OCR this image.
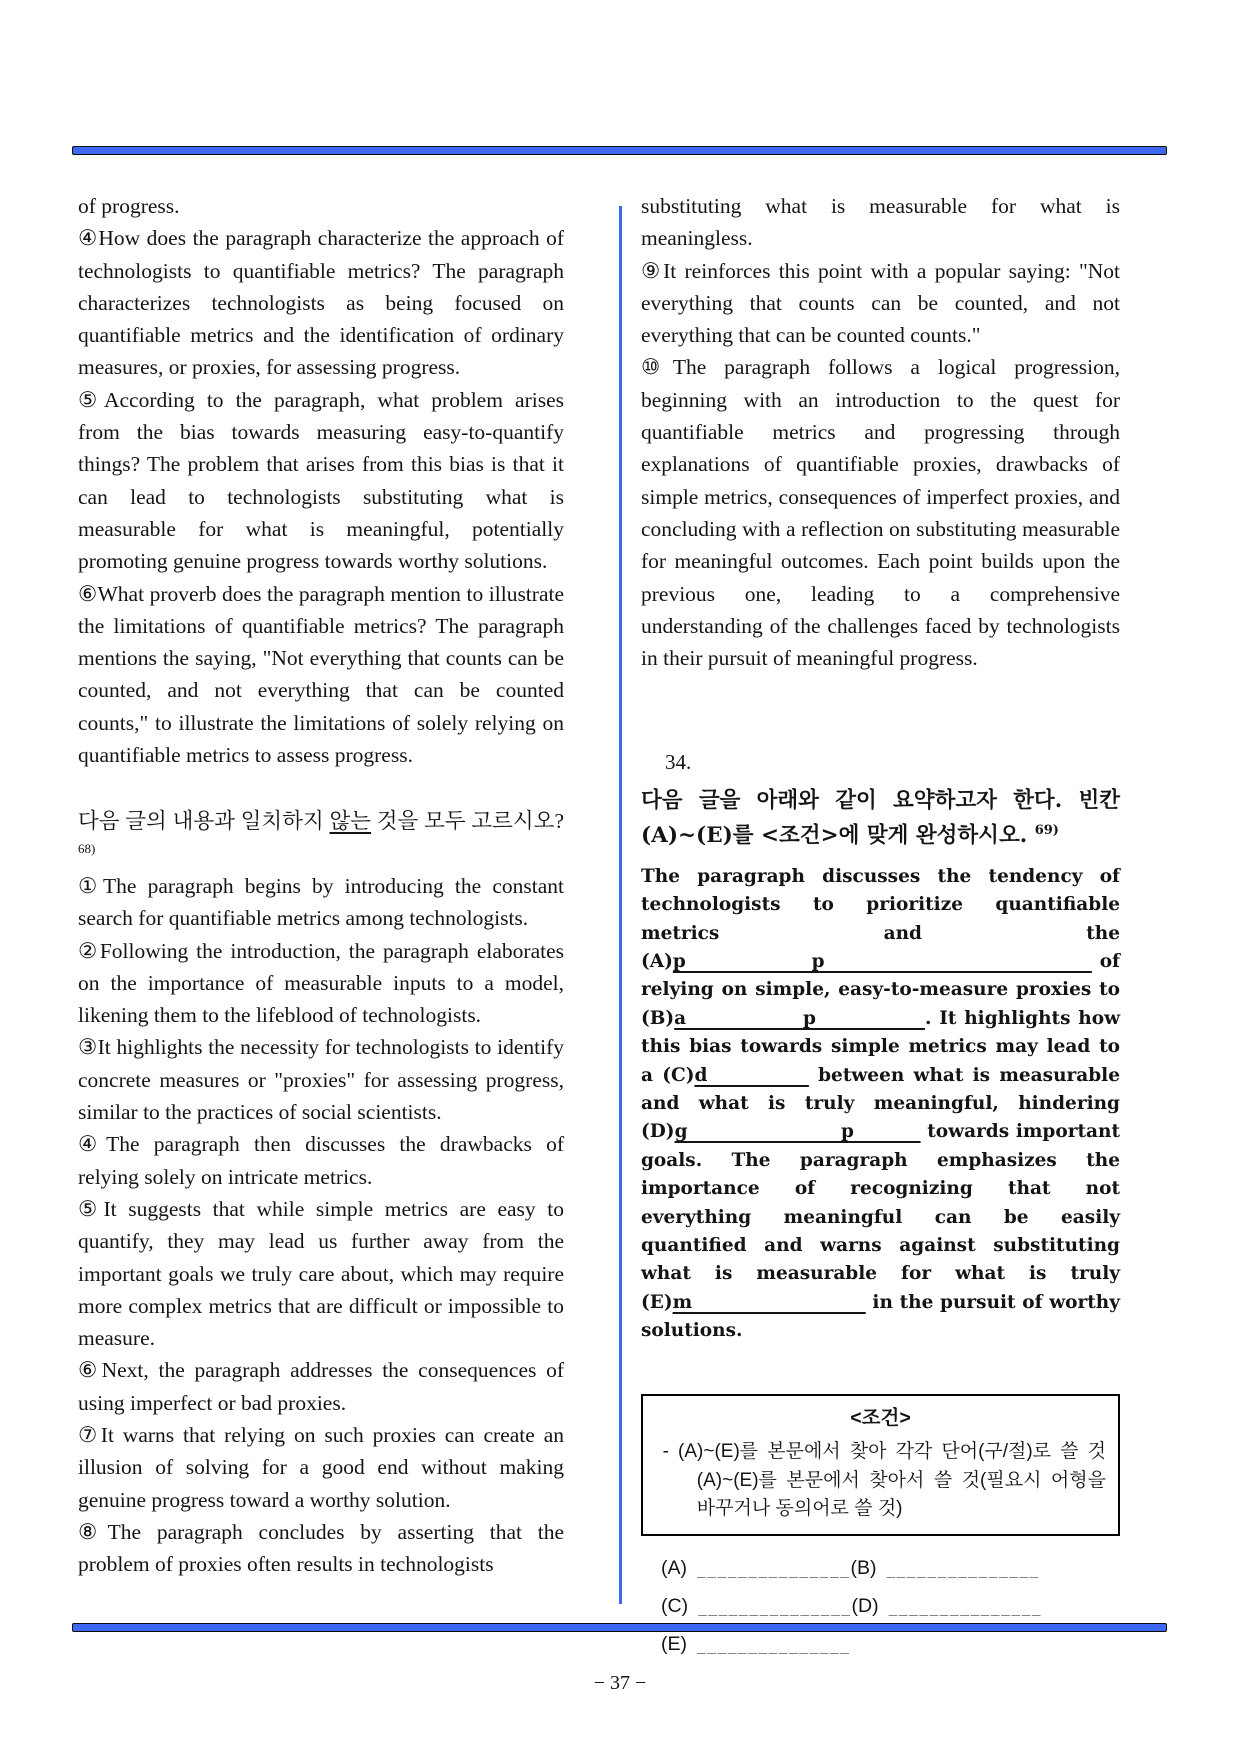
of progress.

④How does the paragraph characterize the approach of technologists to quantifiable metrics? The paragraph characterizes technologists as being focused on quantifiable metrics and the identification of ordinary measures, or proxies, for assessing progress.

⑤According to the paragraph, what problem arises from the bias towards measuring easy-to-quantify things? The problem that arises from this bias is that it can lead to technologists substituting what is measurable for what is meaningful, potentially promoting genuine progress towards worthy solutions.

⑥What proverb does the paragraph mention to illustrate the limitations of quantifiable metrics? The paragraph mentions the saying, "Not everything that counts can be counted, and not everything that can be counted counts," to illustrate the limitations of solely relying on quantifiable metrics to assess progress.

다음 글의 내용과 일치하지 않는 것을 모두 고르시오?$^{68)}$

①The paragraph begins by introducing the constant search for quantifiable metrics among technologists.

②Following the introduction, the paragraph elaborates on the importance of measurable inputs to a model, likening them to the lifeblood of technologists.

③It highlights the necessity for technologists to identify concrete measures or "proxies" for assessing progress, similar to the practices of social scientists.

④The paragraph then discusses the drawbacks of relying solely on intricate metrics.

⑤It suggests that while simple metrics are easy to quantify, they may lead us further away from the important goals we truly care about, which may require more complex metrics that are difficult or impossible to measure.

⑥Next, the paragraph addresses the consequences of using imperfect or bad proxies.

⑦It warns that relying on such proxies can create an illusion of solving for a good end without making genuine progress toward a worthy solution.

⑧The paragraph concludes by asserting that the problem of proxies often results in technologists

substituting what is measurable for what is meaningless.

⑨It reinforces this point with a popular saying: "Not everything that counts can be counted, and not everything that can be counted counts."

⑩The paragraph follows a logical progression, beginning with an introduction to the quest for quantifiable metrics and progressing through explanations of quantifiable proxies, drawbacks of simple metrics, consequences of imperfect proxies, and concluding with a reflection on substituting measurable for meaningful outcomes. Each point builds upon the previous one, leading to a comprehensive understanding of the challenges faced by technologists in their pursuit of meaningful progress.

34.

다음 글을 아래와 같이 요약하고자 한다. 빈칸 (A)~(E)를 <조건>에 맞게 완성하시오. $^{69)}$

The paragraph discusses the tendency of technologists to prioritize quantifiable metrics and the (A)p                p                                   of relying on simple, easy-to-measure proxies to (B)a               p              . It highlights how this bias towards simple metrics may lead to a (C)d            between what is measurable and what is truly meaningful, hindering (D)g                       p           towards important goals. The paragraph emphasizes the importance of recognizing that not everything meaningful can be easily quantified and warns against substituting what is measurable for what is truly (E)m                           in the pursuit of worthy solutions.

<조건>

- (A)~(E)를 본문에서 찾아 각각 단어(구/절)로 쓸 것(A)~(E)를 본문에서 찾아서 쓸 것(필요시 어형을 바꾸거나 동의어로 쓸 것)

(A) _______________(B) _______________
(C) _______________(D) _______________
(E) _______________
− 37 −
